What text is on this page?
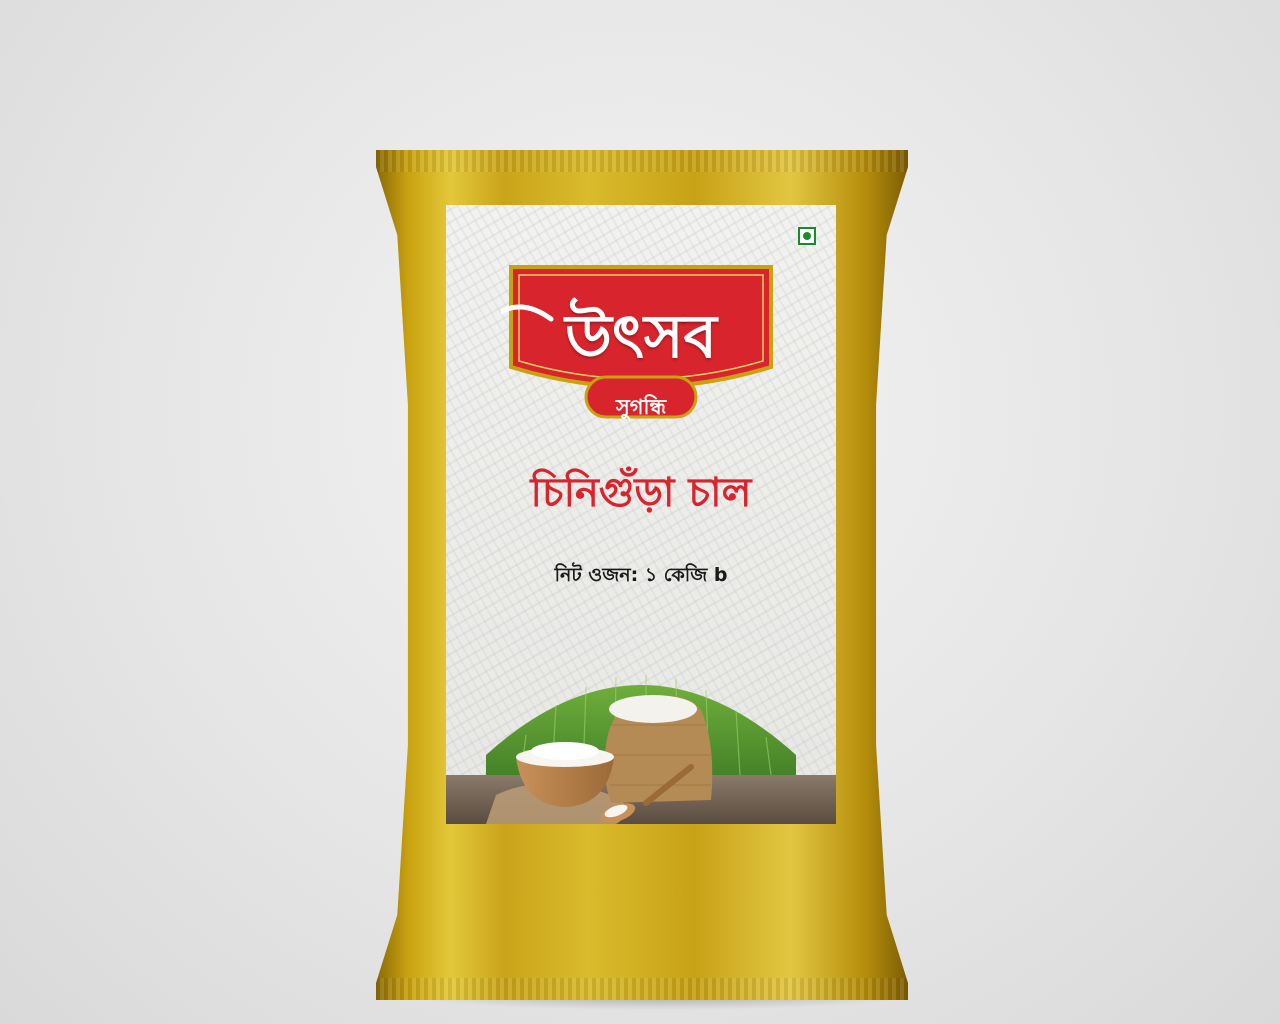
উৎসব
সুগন্ধি
চিনিগুঁড়া চাল
নিট ওজন: ১ কেজি b
